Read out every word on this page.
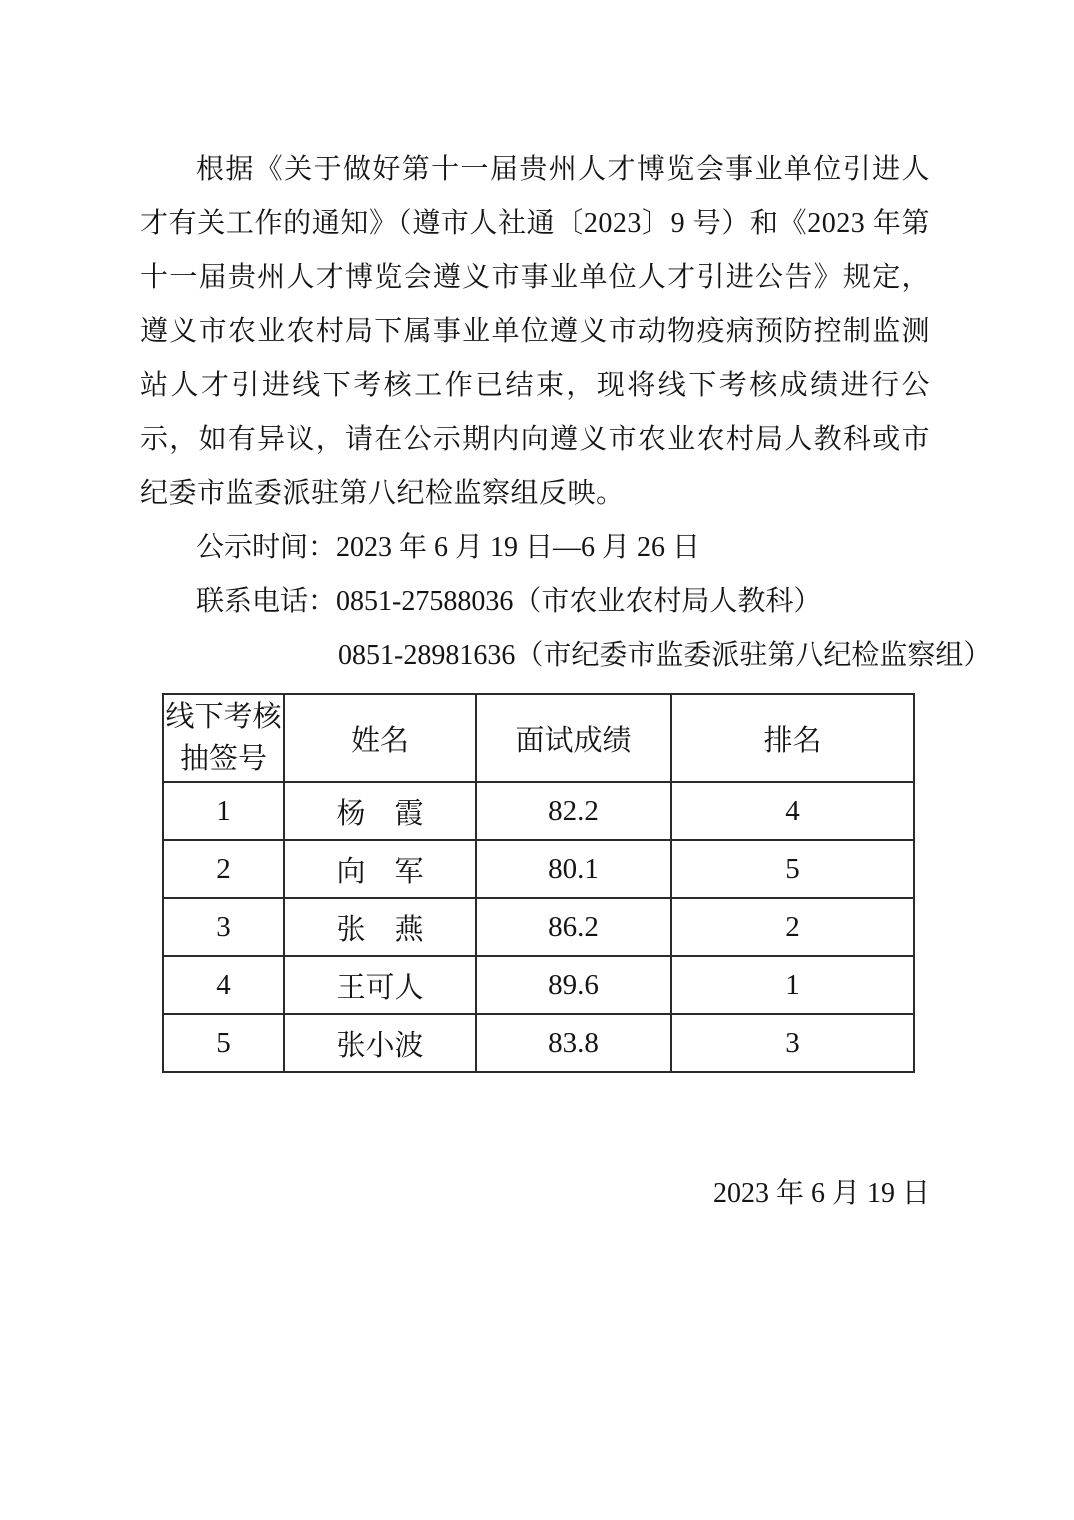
根据《关于做好第十一届贵州人才博览会事业单位引进人才有关工作的通知》（遵市人社通〔2023〕9 号）和《2023 年第十一届贵州人才博览会遵义市事业单位人才引进公告》规定，遵义市农业农村局下属事业单位遵义市动物疫病预防控制监测站人才引进线下考核工作已结束，现将线下考核成绩进行公示，如有异议，请在公示期内向遵义市农业农村局人教科或市纪委市监委派驻第八纪检监察组反映。

公示时间：2023 年 6 月 19 日—6 月 26 日

联系电话：0851-27588036（市农业农村局人教科）

0851-28981636（市纪委市监委派驻第八纪检监察组）

线下考核
抽签号	姓名	面试成绩	排名
1	杨　霞	82.2	4
2	向　军	80.1	5
3	张　燕	86.2	2
4	王可人	89.6	1
5	张小波	83.8	3

2023 年 6 月 19 日
